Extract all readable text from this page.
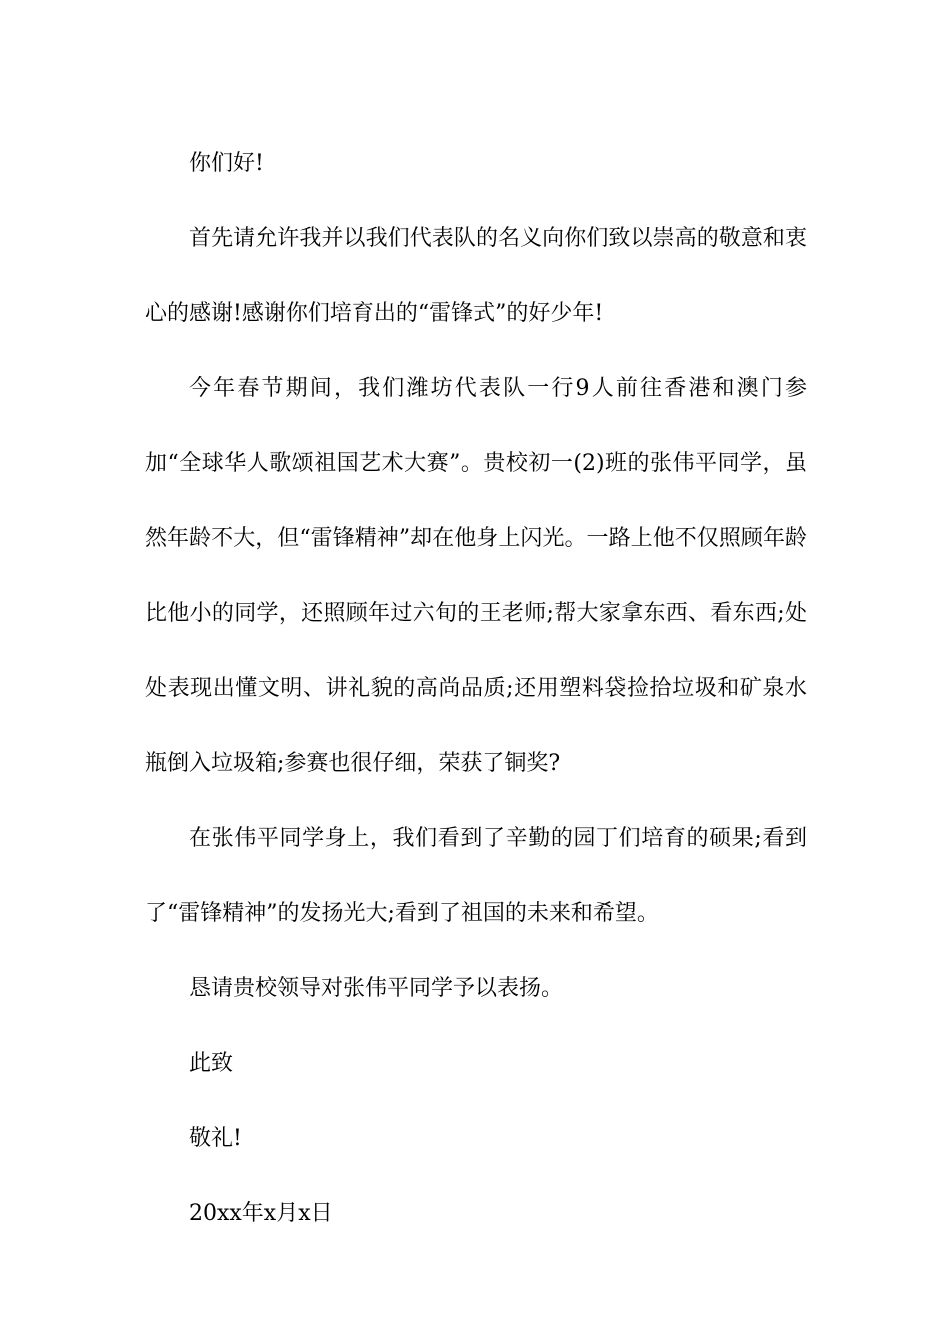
你们好!

首先请允许我并以我们代表队的名义向你们致以崇高的敬意和衷心的感谢!感谢你们培育出的“雷锋式”的好少年!

今年春节期间，我们潍坊代表队一行9人前往香港和澳门参加“全球华人歌颂祖国艺术大赛”。贵校初一(2)班的张伟平同学，虽然年龄不大，但“雷锋精神”却在他身上闪光。一路上他不仅照顾年龄比他小的同学，还照顾年过六旬的王老师;帮大家拿东西、看东西;处处表现出懂文明、讲礼貌的高尚品质;还用塑料袋捡拾垃圾和矿泉水瓶倒入垃圾箱;参赛也很仔细，荣获了铜奖?

在张伟平同学身上，我们看到了辛勤的园丁们培育的硕果;看到了“雷锋精神”的发扬光大;看到了祖国的未来和希望。

恳请贵校领导对张伟平同学予以表扬。

此致

敬礼!

20xx年x月x日
